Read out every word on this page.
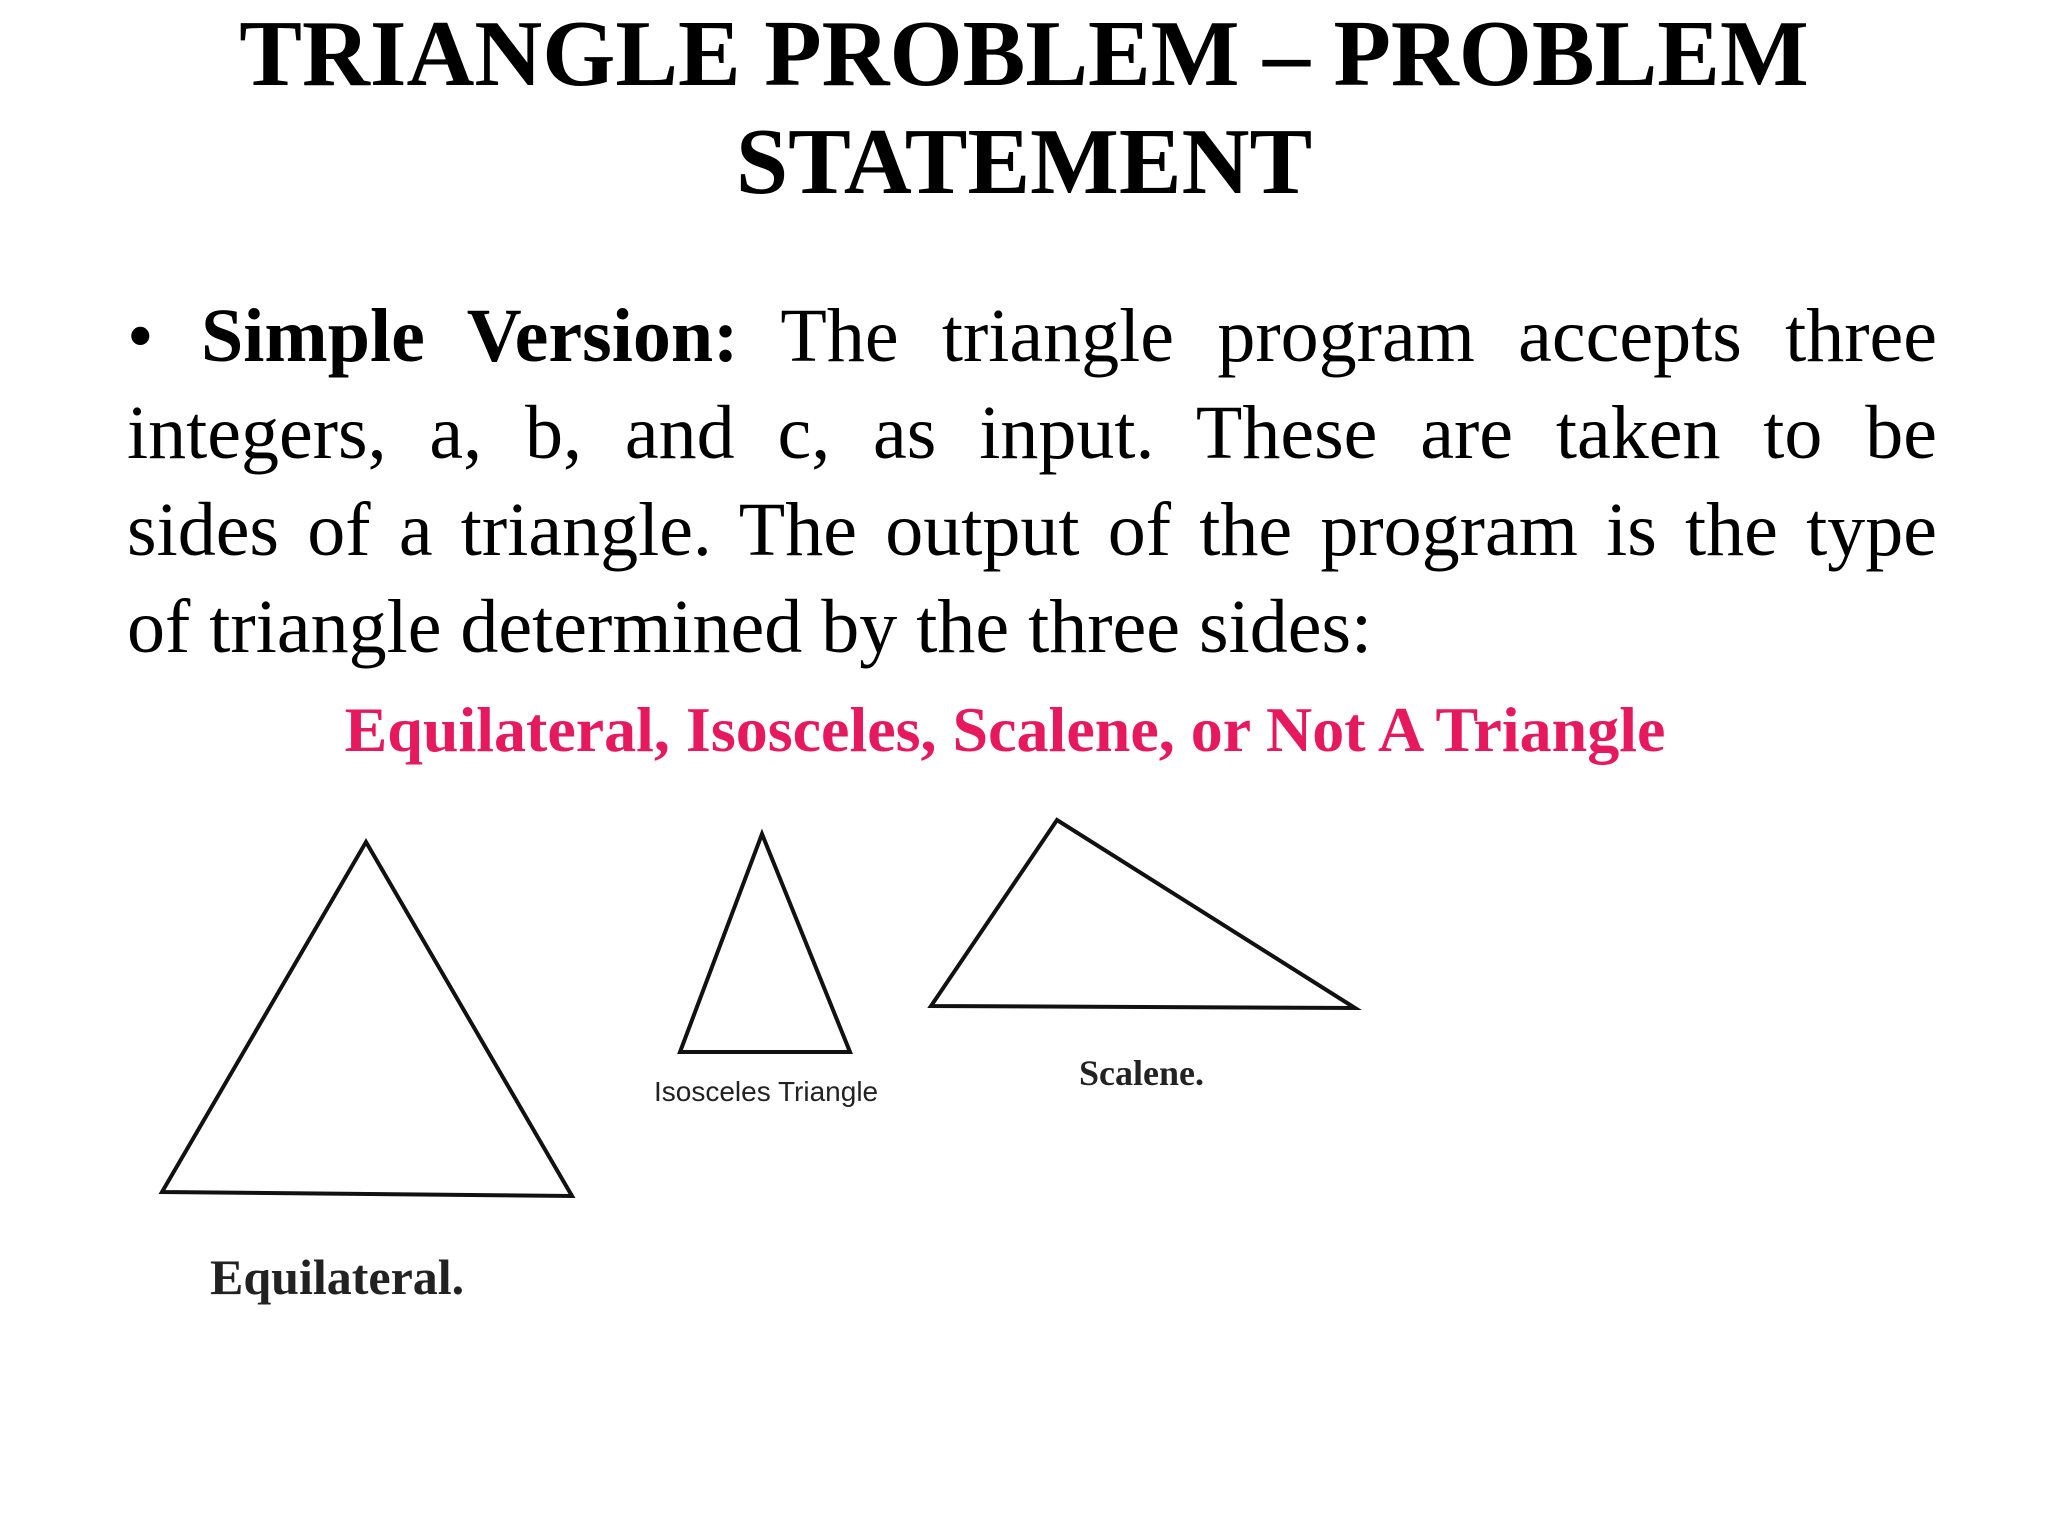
TRIANGLE PROBLEM – PROBLEM
STATEMENT
• Simple Version: The triangle program accepts three
integers, a, b, and c, as input. These are taken to be
sides of a triangle. The output of the program is the type
of triangle determined by the three sides:
Equilateral, Isosceles, Scalene, or Not A Triangle
Equilateral.
Isosceles Triangle	Scalene.
